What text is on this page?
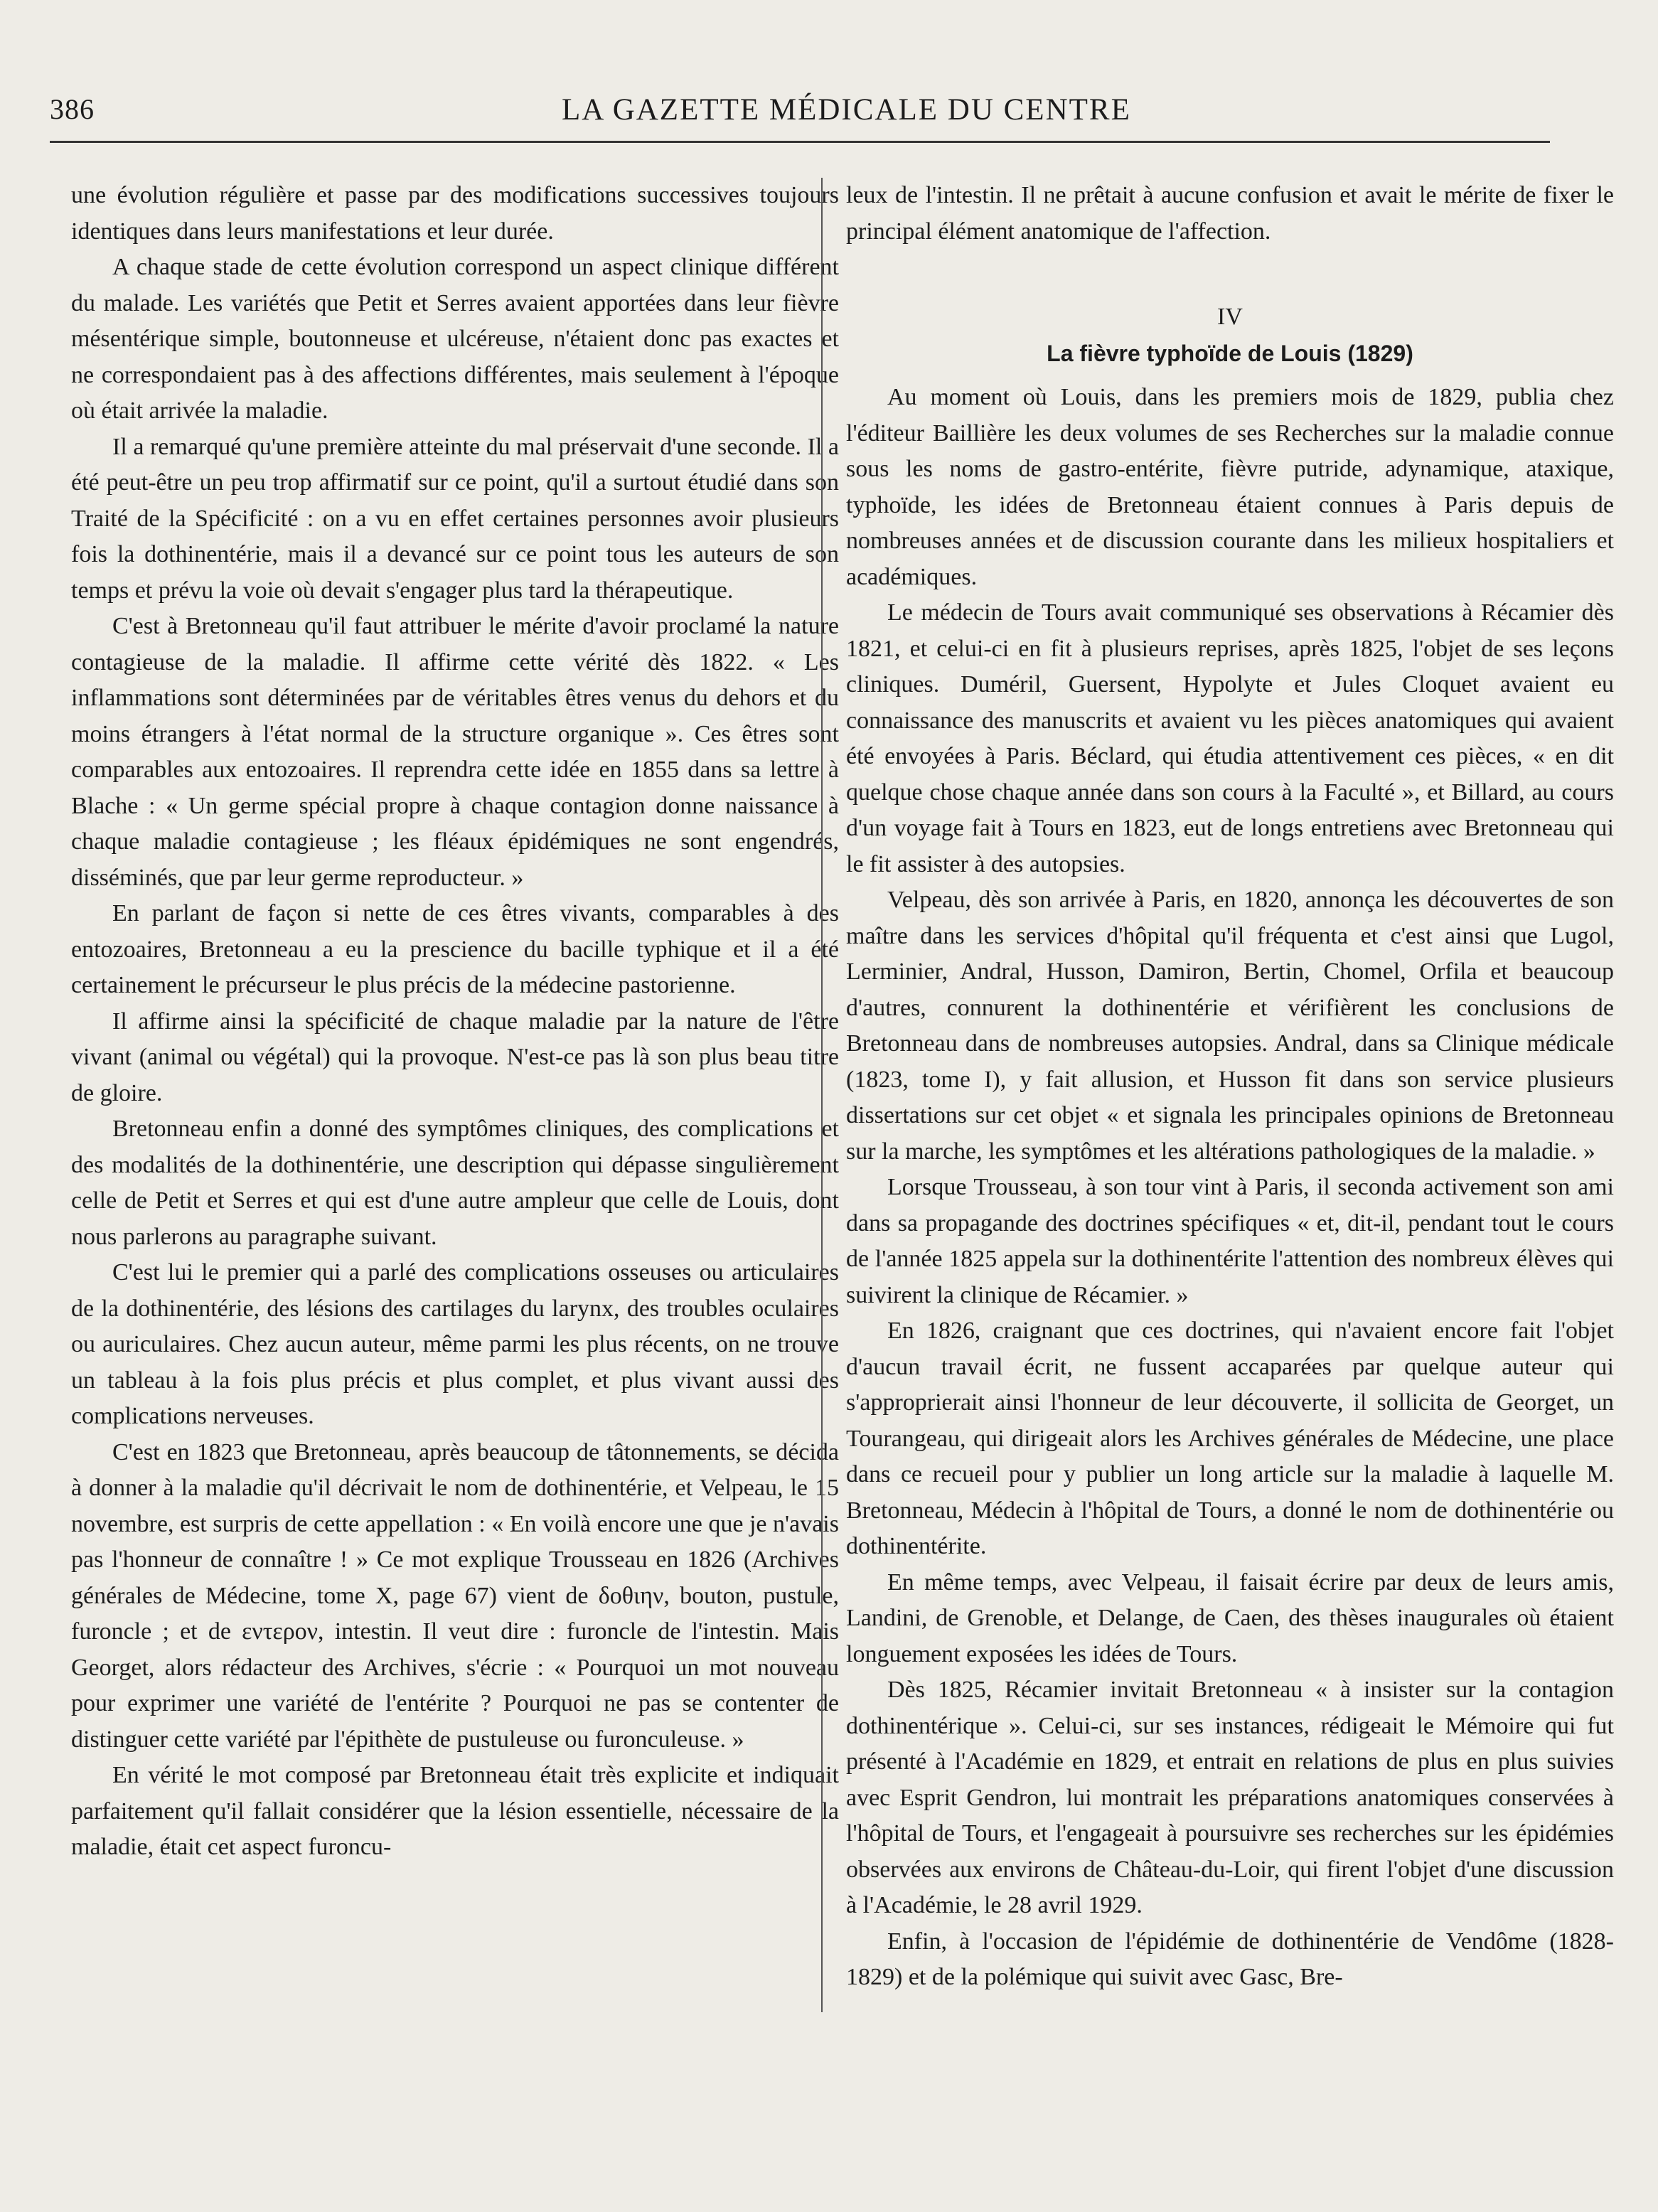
386	LA GAZETTE MÉDICALE DU CENTRE

une évolution régulière et passe par des modifications successives toujours identiques dans leurs manifestations et leur durée.

A chaque stade de cette évolution correspond un aspect clinique différent du malade. Les variétés que Petit et Serres avaient apportées dans leur fièvre mésentérique simple, boutonneuse et ulcéreuse, n'étaient donc pas exactes et ne correspondaient pas à des affections différentes, mais seulement à l'époque où était arrivée la maladie.

Il a remarqué qu'une première atteinte du mal préservait d'une seconde. Il a été peut-être un peu trop affirmatif sur ce point, qu'il a surtout étudié dans son Traité de la Spécificité : on a vu en effet certaines personnes avoir plusieurs fois la dothinentérie, mais il a devancé sur ce point tous les auteurs de son temps et prévu la voie où devait s'engager plus tard la thérapeutique.

C'est à Bretonneau qu'il faut attribuer le mérite d'avoir proclamé la nature contagieuse de la maladie. Il affirme cette vérité dès 1822. « Les inflammations sont déterminées par de véritables êtres venus du dehors et du moins étrangers à l'état normal de la structure organique ». Ces êtres sont comparables aux entozoaires. Il reprendra cette idée en 1855 dans sa lettre à Blache : « Un germe spécial propre à chaque contagion donne naissance à chaque maladie contagieuse ; les fléaux épidémiques ne sont engendrés, disséminés, que par leur germe reproducteur. »

En parlant de façon si nette de ces êtres vivants, comparables à des entozoaires, Bretonneau a eu la prescience du bacille typhique et il a été certainement le précurseur le plus précis de la médecine pastorienne.

Il affirme ainsi la spécificité de chaque maladie par la nature de l'être vivant (animal ou végétal) qui la provoque. N'est-ce pas là son plus beau titre de gloire.

Bretonneau enfin a donné des symptômes cliniques, des complications et des modalités de la dothinentérie, une description qui dépasse singulièrement celle de Petit et Serres et qui est d'une autre ampleur que celle de Louis, dont nous parlerons au paragraphe suivant.

C'est lui le premier qui a parlé des complications osseuses ou articulaires de la dothinentérie, des lésions des cartilages du larynx, des troubles oculaires ou auriculaires. Chez aucun auteur, même parmi les plus récents, on ne trouve un tableau à la fois plus précis et plus complet, et plus vivant aussi des complications nerveuses.

C'est en 1823 que Bretonneau, après beaucoup de tâtonnements, se décida à donner à la maladie qu'il décrivait le nom de dothinentérie, et Velpeau, le 15 novembre, est surpris de cette appellation : « En voilà encore une que je n'avais pas l'honneur de connaître ! » Ce mot explique Trousseau en 1826 (Archives générales de Médecine, tome X, page 67) vient de δοθιην, bouton, pustule, furoncle ; et de εντερον, intestin. Il veut dire : furoncle de l'intestin. Mais Georget, alors rédacteur des Archives, s'écrie : « Pourquoi un mot nouveau pour exprimer une variété de l'entérite ? Pourquoi ne pas se contenter de distinguer cette variété par l'épithète de pustuleuse ou furonculeuse. »

En vérité le mot composé par Bretonneau était très explicite et indiquait parfaitement qu'il fallait considérer que la lésion essentielle, nécessaire de la maladie, était cet aspect furoncu-

leux de l'intestin. Il ne prêtait à aucune confusion et avait le mérite de fixer le principal élément anatomique de l'affection.

IV

La fièvre typhoïde de Louis (1829)

Au moment où Louis, dans les premiers mois de 1829, publia chez l'éditeur Baillière les deux volumes de ses Recherches sur la maladie connue sous les noms de gastro-entérite, fièvre putride, adynamique, ataxique, typhoïde, les idées de Bretonneau étaient connues à Paris depuis de nombreuses années et de discussion courante dans les milieux hospitaliers et académiques.

Le médecin de Tours avait communiqué ses observations à Récamier dès 1821, et celui-ci en fit à plusieurs reprises, après 1825, l'objet de ses leçons cliniques. Duméril, Guersent, Hypolyte et Jules Cloquet avaient eu connaissance des manuscrits et avaient vu les pièces anatomiques qui avaient été envoyées à Paris. Béclard, qui étudia attentivement ces pièces, « en dit quelque chose chaque année dans son cours à la Faculté », et Billard, au cours d'un voyage fait à Tours en 1823, eut de longs entretiens avec Bretonneau qui le fit assister à des autopsies.

Velpeau, dès son arrivée à Paris, en 1820, annonça les découvertes de son maître dans les services d'hôpital qu'il fréquenta et c'est ainsi que Lugol, Lerminier, Andral, Husson, Damiron, Bertin, Chomel, Orfila et beaucoup d'autres, connurent la dothinentérie et vérifièrent les conclusions de Bretonneau dans de nombreuses autopsies. Andral, dans sa Clinique médicale (1823, tome I), y fait allusion, et Husson fit dans son service plusieurs dissertations sur cet objet « et signala les principales opinions de Bretonneau sur la marche, les symptômes et les altérations pathologiques de la maladie. »

Lorsque Trousseau, à son tour vint à Paris, il seconda activement son ami dans sa propagande des doctrines spécifiques « et, dit-il, pendant tout le cours de l'année 1825 appela sur la dothinentérite l'attention des nombreux élèves qui suivirent la clinique de Récamier. »

En 1826, craignant que ces doctrines, qui n'avaient encore fait l'objet d'aucun travail écrit, ne fussent accaparées par quelque auteur qui s'approprierait ainsi l'honneur de leur découverte, il sollicita de Georget, un Tourangeau, qui dirigeait alors les Archives générales de Médecine, une place dans ce recueil pour y publier un long article sur la maladie à laquelle M. Bretonneau, Médecin à l'hôpital de Tours, a donné le nom de dothinentérie ou dothinentérite.

En même temps, avec Velpeau, il faisait écrire par deux de leurs amis, Landini, de Grenoble, et Delange, de Caen, des thèses inaugurales où étaient longuement exposées les idées de Tours.

Dès 1825, Récamier invitait Bretonneau « à insister sur la contagion dothinentérique ». Celui-ci, sur ses instances, rédigeait le Mémoire qui fut présenté à l'Académie en 1829, et entrait en relations de plus en plus suivies avec Esprit Gendron, lui montrait les préparations anatomiques conservées à l'hôpital de Tours, et l'engageait à poursuivre ses recherches sur les épidémies observées aux environs de Château-du-Loir, qui firent l'objet d'une discussion à l'Académie, le 28 avril 1929.

Enfin, à l'occasion de l'épidémie de dothinentérie de Vendôme (1828-1829) et de la polémique qui suivit avec Gasc, Bre-
